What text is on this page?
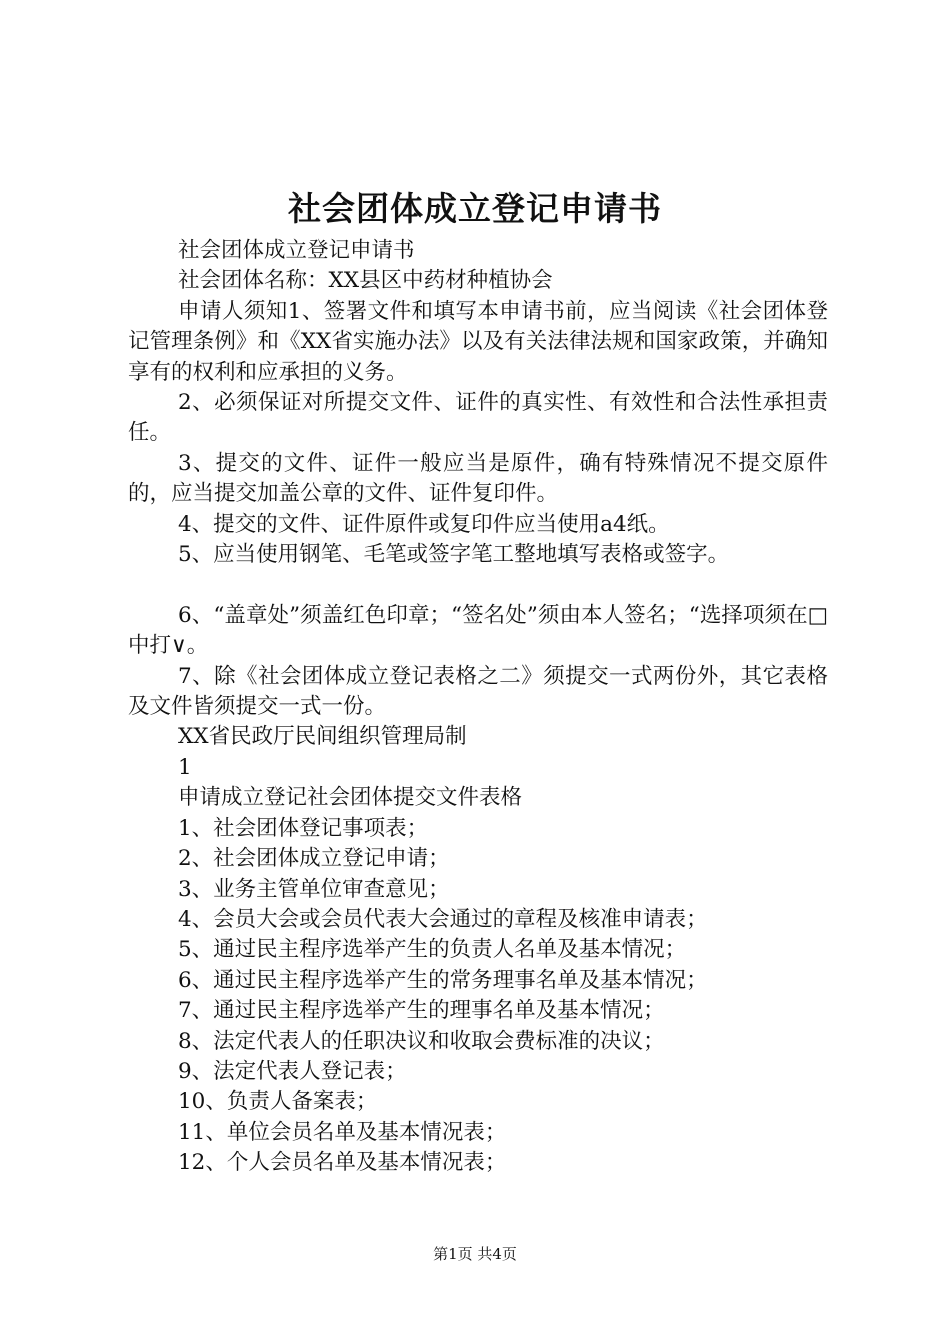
社会团体成立登记申请书

社会团体成立登记申请书

社会团体名称：XX县区中药材种植协会

申请人须知1、签署文件和填写本申请书前，应当阅读《社会团体登记管理条例》和《XX省实施办法》以及有关法律法规和国家政策，并确知享有的权利和应承担的义务。

2、必须保证对所提交文件、证件的真实性、有效性和合法性承担责任。

3、提交的文件、证件一般应当是原件，确有特殊情况不提交原件的，应当提交加盖公章的文件、证件复印件。

4、提交的文件、证件原件或复印件应当使用a4纸。

5、应当使用钢笔、毛笔或签字笔工整地填写表格或签字。

6、“盖章处”须盖红色印章；“签名处”须由本人签名；“选择项须在□中打∨。

7、除《社会团体成立登记表格之二》须提交一式两份外，其它表格及文件皆须提交一式一份。

XX省民政厅民间组织管理局制

1

申请成立登记社会团体提交文件表格

1、社会团体登记事项表；

2、社会团体成立登记申请；

3、业务主管单位审查意见；

4、会员大会或会员代表大会通过的章程及核准申请表；

5、通过民主程序选举产生的负责人名单及基本情况；

6、通过民主程序选举产生的常务理事名单及基本情况；

7、通过民主程序选举产生的理事名单及基本情况；

8、法定代表人的任职决议和收取会费标准的决议；

9、法定代表人登记表；

10、负责人备案表；

11、单位会员名单及基本情况表；

12、个人会员名单及基本情况表；

第1页 共4页
